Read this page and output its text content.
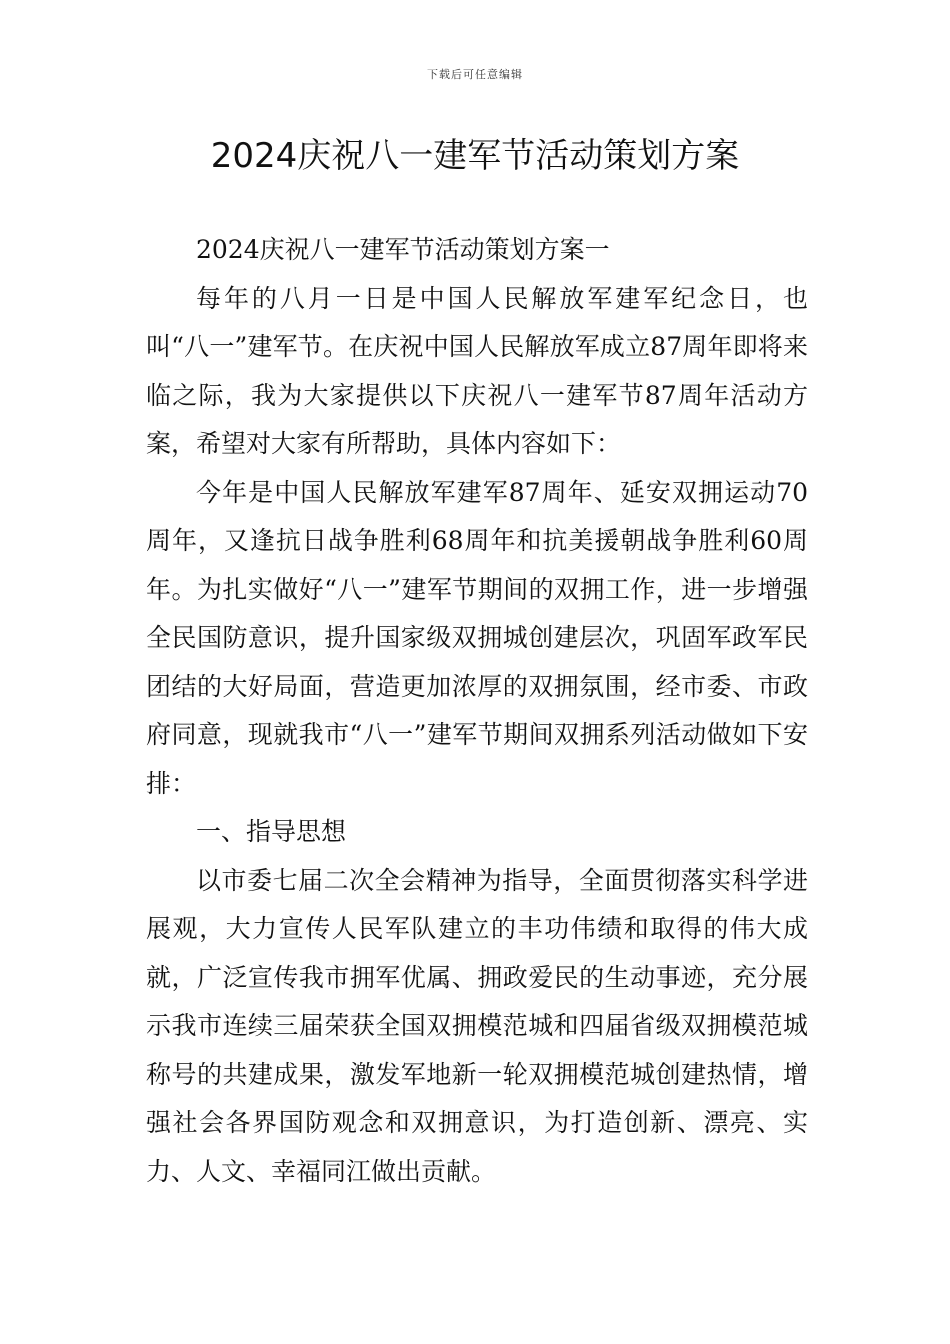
下载后可任意编辑
2024庆祝八一建军节活动策划方案

2024庆祝八一建军节活动策划方案一

每年的八月一日是中国人民解放军建军纪念日，也叫“八一”建军节。在庆祝中国人民解放军成立87周年即将来临之际，我为大家提供以下庆祝八一建军节87周年活动方案，希望对大家有所帮助，具体内容如下：

今年是中国人民解放军建军87周年、延安双拥运动70周年，又逢抗日战争胜利68周年和抗美援朝战争胜利60周年。为扎实做好“八一”建军节期间的双拥工作，进一步增强全民国防意识，提升国家级双拥城创建层次，巩固军政军民团结的大好局面，营造更加浓厚的双拥氛围，经市委、市政府同意，现就我市“八一”建军节期间双拥系列活动做如下安排：

一、指导思想

以市委七届二次全会精神为指导，全面贯彻落实科学进展观，大力宣传人民军队建立的丰功伟绩和取得的伟大成就，广泛宣传我市拥军优属、拥政爱民的生动事迹，充分展示我市连续三届荣获全国双拥模范城和四届省级双拥模范城称号的共建成果，激发军地新一轮双拥模范城创建热情，增强社会各界国防观念和双拥意识，为打造创新、漂亮、实力、人文、幸福同江做出贡献。
